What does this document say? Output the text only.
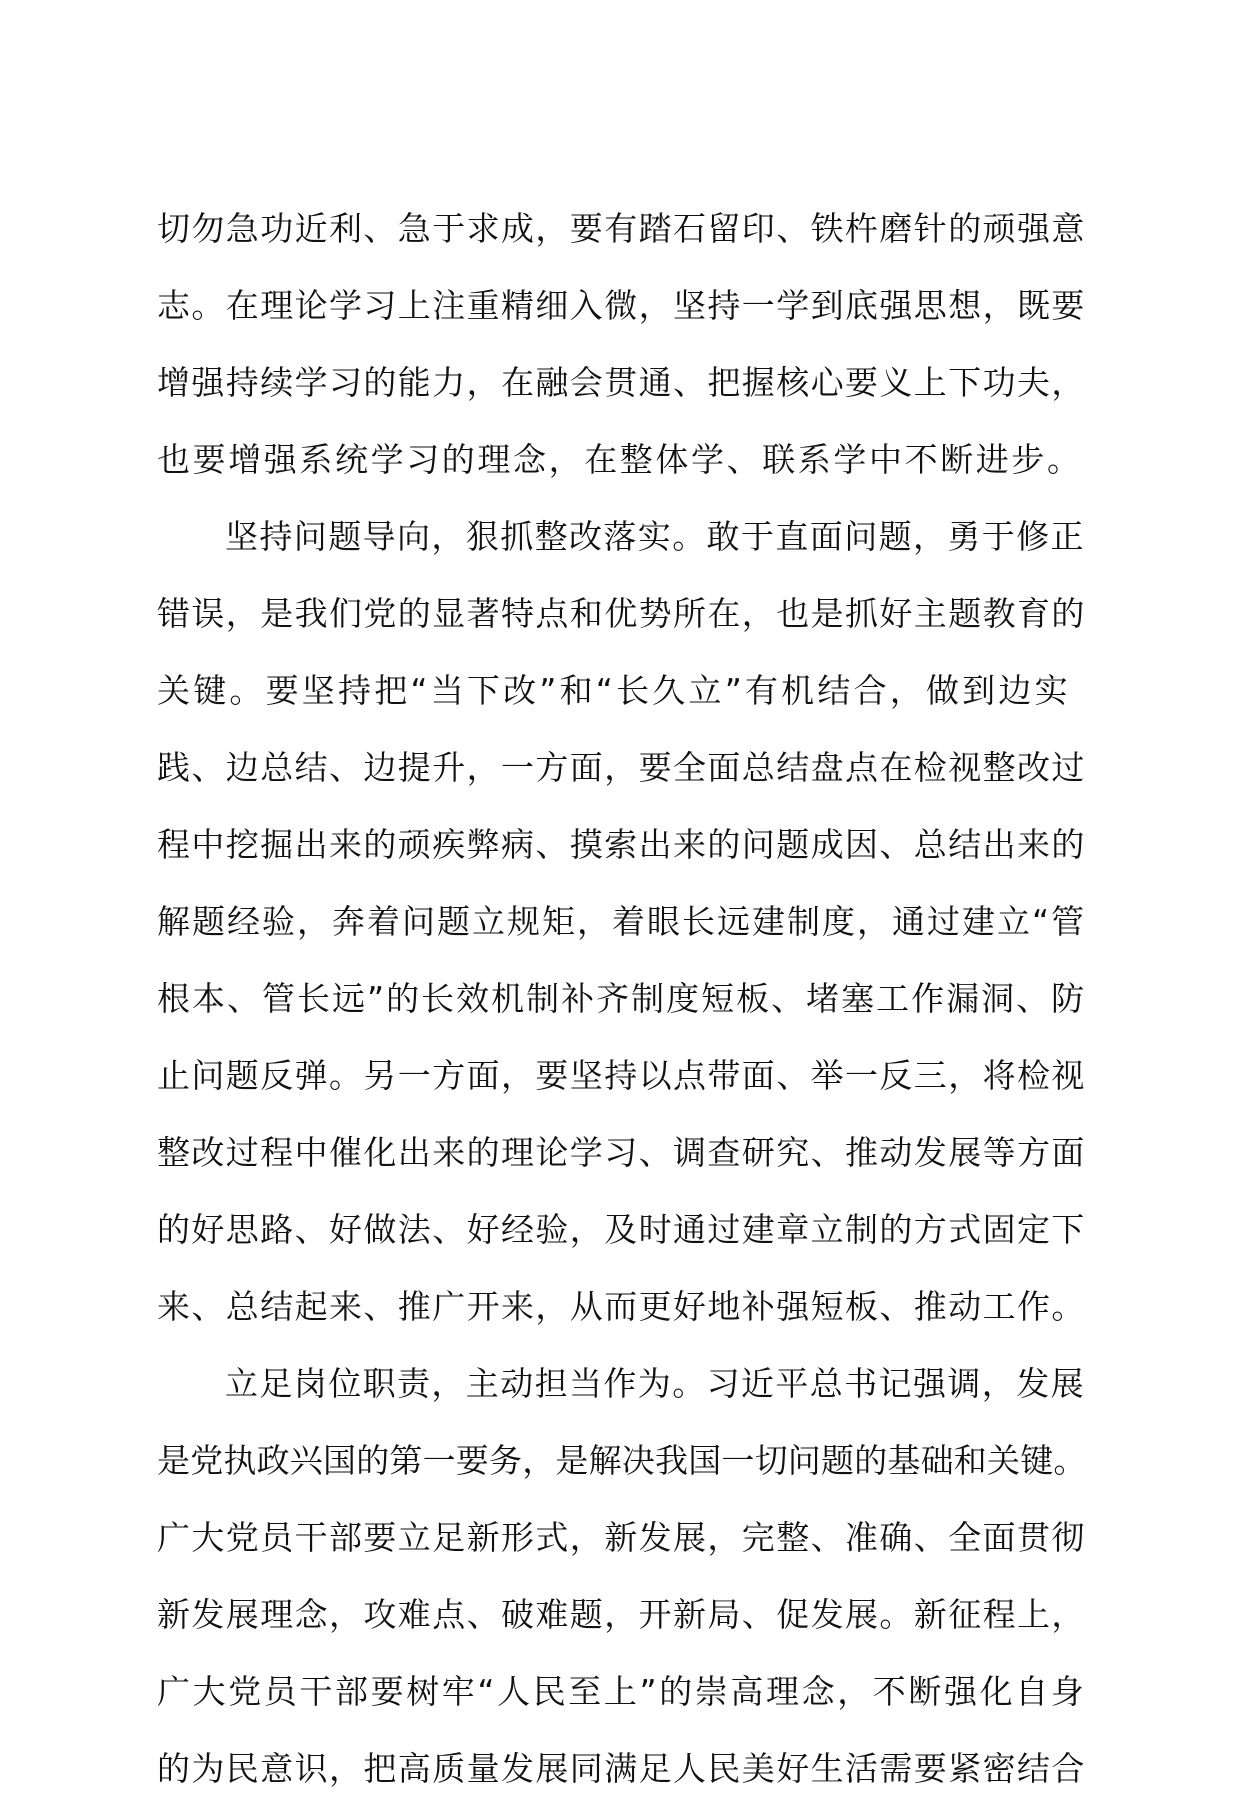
切勿急功近利、急于求成，要有踏石留印、铁杵磨针的顽强意
志。在理论学习上注重精细入微，坚持一学到底强思想，既要
增强持续学习的能力，在融会贯通、把握核心要义上下功夫，
也要增强系统学习的理念，在整体学、联系学中不断进步。
坚持问题导向，狠抓整改落实。敢于直面问题，勇于修正
错误，是我们党的显著特点和优势所在，也是抓好主题教育的
关键。要坚持把“当下改”和“长久立”有机结合，做到边实
践、边总结、边提升，一方面，要全面总结盘点在检视整改过
程中挖掘出来的顽疾弊病、摸索出来的问题成因、总结出来的
解题经验，奔着问题立规矩，着眼长远建制度，通过建立“管
根本、管长远”的长效机制补齐制度短板、堵塞工作漏洞、防
止问题反弹。另一方面，要坚持以点带面、举一反三，将检视
整改过程中催化出来的理论学习、调查研究、推动发展等方面
的好思路、好做法、好经验，及时通过建章立制的方式固定下
来、总结起来、推广开来，从而更好地补强短板、推动工作。
立足岗位职责，主动担当作为。习近平总书记强调，发展
是党执政兴国的第一要务，是解决我国一切问题的基础和关键。
广大党员干部要立足新形式，新发展，完整、准确、全面贯彻
新发展理念，攻难点、破难题，开新局、促发展。新征程上，
广大党员干部要树牢“人民至上”的崇高理念，不断强化自身
的为民意识，把高质量发展同满足人民美好生活需要紧密结合
